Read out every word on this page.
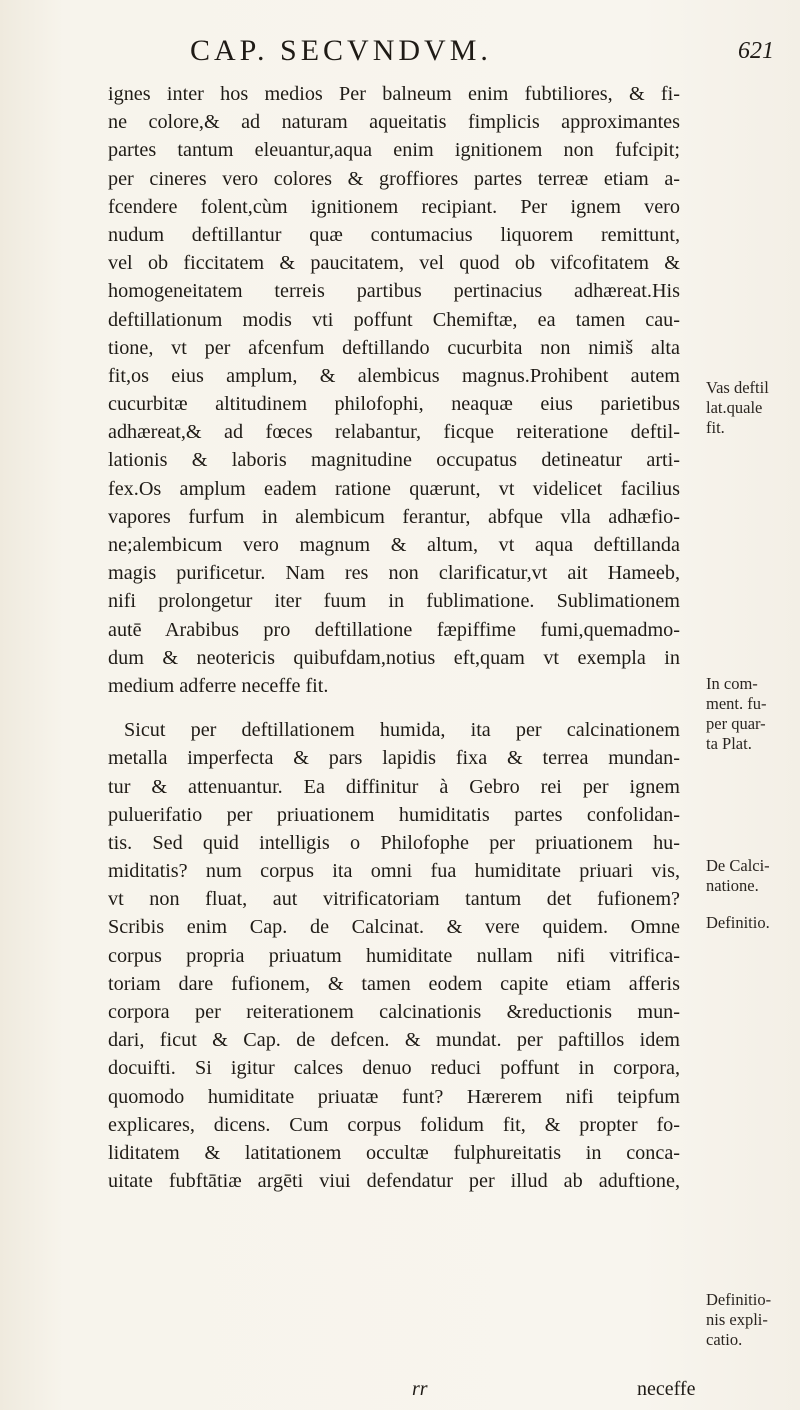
CAP. SECVNDVM.	621
ignes inter hos medios Per balneum enim fubtiliores, & fi-
ne colore,& ad naturam aqueitatis fimplicis approximantes
partes tantum eleuantur,aqua enim ignitionem non fufcipit;
per cineres vero colores & groffiores partes terreæ etiam a-
fcendere folent,cùm ignitionem recipiant. Per ignem vero
nudum deftillantur quæ contumacius liquorem remittunt,
vel ob ficcitatem & paucitatem, vel quod ob vifcofitatem &
homogeneitatem terreis partibus pertinacius adhæreat.His
deftillationum modis vti poffunt Chemiftæ, ea tamen cau-
tione, vt per afcenfum deftillando cucurbita non nimiš alta
fit,os eius amplum, & alembicus magnus.Prohibent autem
cucurbitæ altitudinem philofophi, neaquæ eius parietibus
adhæreat,& ad fœces relabantur, ficque reiteratione deftil-
lationis & laboris magnitudine occupatus detineatur arti-
fex.Os amplum eadem ratione quærunt, vt videlicet facilius
vapores furfum in alembicum ferantur, abfque vlla adhæfio-
ne;alembicum vero magnum & altum, vt aqua deftillanda
magis purificetur. Nam res non clarificatur,vt ait Hameeb,
nifi prolongetur iter fuum in fublimatione. Sublimationem
autē Arabibus pro deftillatione fæpiffime fumi,quemadmo-
dum & neotericis quibufdam,notius eft,quam vt exempla in
medium adferre neceffe fit.
Sicut per deftillationem humida, ita per calcinationem
metalla imperfecta & pars lapidis fixa & terrea mundan-
tur & attenuantur. Ea diffinitur à Gebro rei per ignem
puluerifatio per priuationem humiditatis partes confolidan-
tis. Sed quid intelligis o Philofophe per priuationem hu-
miditatis? num corpus ita omni fua humiditate priuari vis,
vt non fluat, aut vitrificatoriam tantum det fufionem?
Scribis enim Cap. de Calcinat. & vere quidem. Omne
corpus propria priuatum humiditate nullam nifi vitrifica-
toriam dare fufionem, & tamen eodem capite etiam afferis
corpora per reiterationem calcinationis &reductionis mun-
dari, ficut & Cap. de defcen. & mundat. per paftillos idem
docuifti. Si igitur calces denuo reduci poffunt in corpora,
quomodo humiditate priuatæ funt? Hærerem nifi teipfum
explicares, dicens. Cum corpus folidum fit, & propter fo-
liditatem & latitationem occultæ fulphureitatis in conca-
uitate fubftātiæ argēti viui defendatur per illud ab aduftione,
Vas deftil
lat.quale
fit.
In com-
ment. fu-
per quar-
ta Plat.
De Calci-
natione.
Definitio.
Definitio-
nis expli-
catio.
rr	neceffe
